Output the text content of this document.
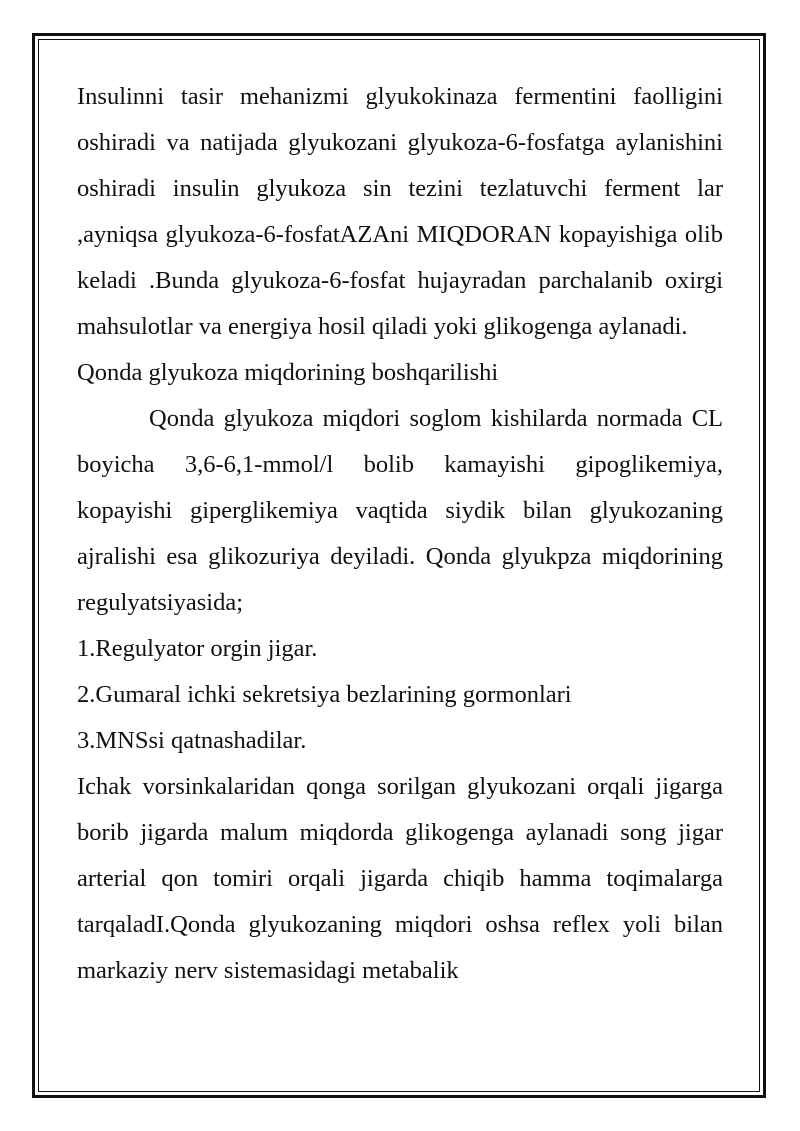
Insulinni tasir mehanizmi glyukokinaza fermentini faolligini oshiradi va natijada glyukozani glyukoza-6-fosfatga aylanishini oshiradi insulin glyukoza sin tezini tezlatuvchi ferment lar ,ayniqsa glyukoza-6-fosfatAZAni MIQDORAN kopayishiga olib keladi .Bunda glyukoza-6-fosfat hujayradan parchalanib oxirgi mahsulotlar va energiya hosil qiladi yoki glikogenga aylanadi.

Qonda glyukoza miqdorining boshqarilishi

Qonda glyukoza miqdori soglom kishilarda normada CL boyicha 3,6-6,1-mmol/l bolib kamayishi gipoglikemiya, kopayishi giperglikemiya vaqtida siydik bilan glyukozaning ajralishi esa glikozuriya deyiladi. Qonda glyukpza miqdorining regulyatsiyasida;

1.Regulyator orgin jigar.

2.Gumaral ichki sekretsiya bezlarining gormonlari

3.MNSsi qatnashadilar.

Ichak vorsinkalaridan qonga sorilgan glyukozani orqali jigarga borib jigarda malum miqdorda glikogenga aylanadi song jigar arterial qon tomiri orqali jigarda chiqib hamma toqimalarga tarqaladI.Qonda glyukozaning miqdori oshsa reflex yoli bilan markaziy nerv sistemasidagi metabalik
